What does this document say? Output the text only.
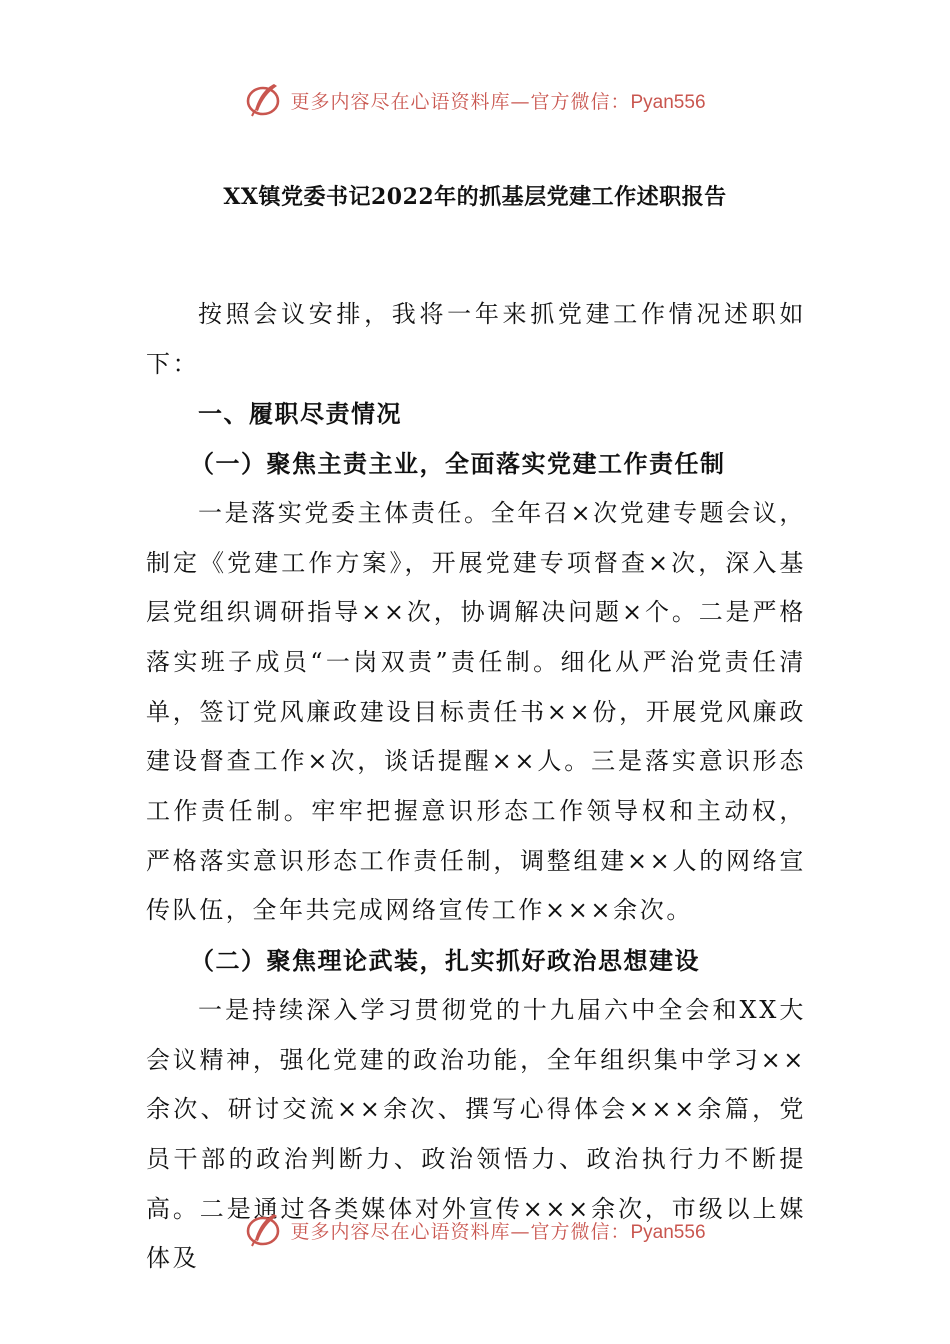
更多内容尽在心语资料库—官方微信：Pyan556
XX镇党委书记2022年的抓基层党建工作述职报告

按照会议安排，我将一年来抓党建工作情况述职如下：

一、履职尽责情况

（一）聚焦主责主业，全面落实党建工作责任制

一是落实党委主体责任。全年召×次党建专题会议，制定《党建工作方案》，开展党建专项督查×次，深入基层党组织调研指导××次，协调解决问题×个。二是严格落实班子成员“一岗双责”责任制。细化从严治党责任清单，签订党风廉政建设目标责任书××份，开展党风廉政建设督查工作×次，谈话提醒××人。三是落实意识形态工作责任制。牢牢把握意识形态工作领导权和主动权，严格落实意识形态工作责任制，调整组建××人的网络宣传队伍，全年共完成网络宣传工作×××余次。

（二）聚焦理论武装，扎实抓好政治思想建设

一是持续深入学习贯彻党的十九届六中全会和XX大会议精神，强化党建的政治功能，全年组织集中学习××余次、研讨交流××余次、撰写心得体会×××余篇，党员干部的政治判断力、政治领悟力、政治执行力不断提高。二是通过各类媒体对外宣传×××余次，市级以上媒体及

更多内容尽在心语资料库—官方微信：Pyan556
